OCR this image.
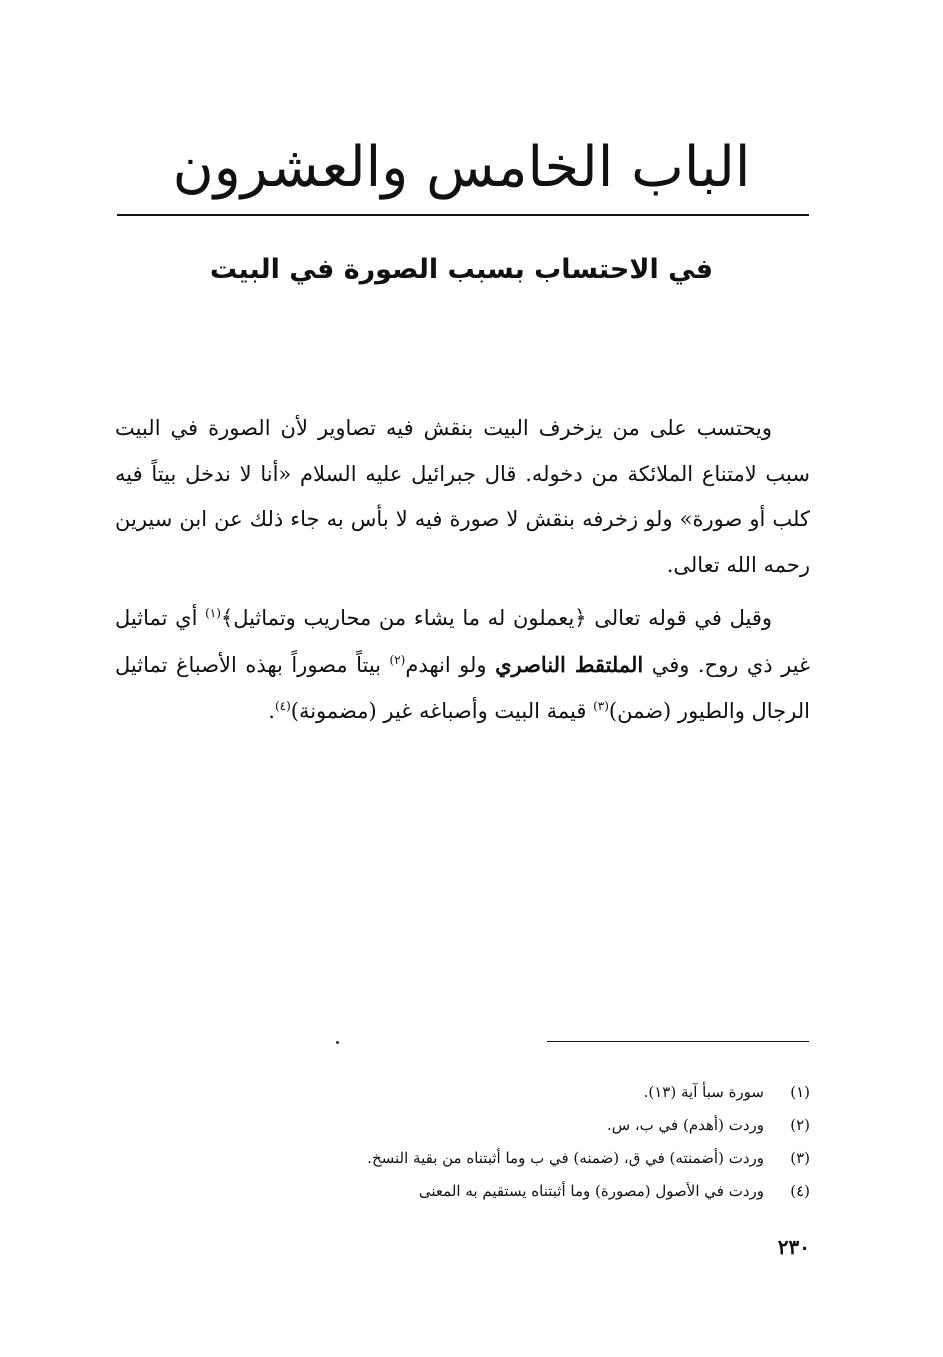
الباب الخامس والعشرون
في الاحتساب بسبب الصورة في البيت

ويحتسب على من يزخرف البيت بنقش فيه تصاوير لأن الصورة في البيت سبب لامتناع الملائكة من دخوله. قال جبرائيل عليه السلام «أنا لا ندخل بيتاً فيه كلب أو صورة» ولو زخرفه بنقش لا صورة فيه لا بأس به جاء ذلك عن ابن سيرين رحمه الله تعالى.

وقيل في قوله تعالى ﴿يعملون له ما يشاء من محاريب وتماثيل﴾$^{(١)}$ أي تماثيل غير ذي روح. وفي الملتقط الناصري ولو انهدم$^{(٢)}$ بيتاً مصوراً بهذه الأصباغ تماثيل الرجال والطيور (ضمن)$^{(٣)}$ قيمة البيت وأصباغه غير (مضمونة)$^{(٤)}$.

(١)
سورة سبأ آية (١٣).
(٢)
وردت (أهدم) في ب، س.
(٣)
وردت (أضمنته) في ق، (ضمنه) في ب وما أثبتناه من بقية النسخ.
(٤)
وردت في الأصول (مصورة) وما أثبتناه يستقيم به المعنى
٢٣٠
